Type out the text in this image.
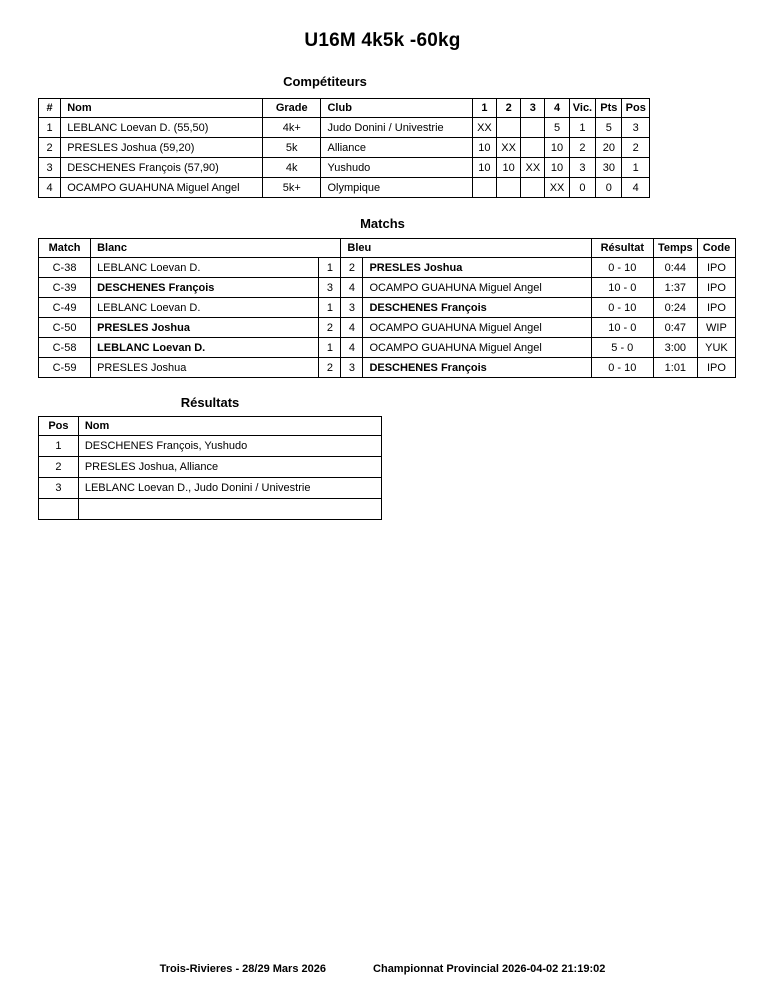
U16M 4k5k -60kg
Compétiteurs
#	Nom	Grade	Club	1	2	3	4	Vic.	Pts	Pos
1	LEBLANC Loevan D. (55,50)	4k+	Judo Donini / Univestrie	XX			5	1	5	3
2	PRESLES Joshua (59,20)	5k	Alliance	10	XX		10	2	20	2
3	DESCHENES François (57,90)	4k	Yushudo	10	10	XX	10	3	30	1
4	OCAMPO GUAHUNA Miguel Angel	5k+	Olympique				XX	0	0	4
Matchs
Match	Blanc		Bleu		Résultat	Temps	Code
C-38	LEBLANC Loevan D.	1	2	PRESLES Joshua	0 - 10	0:44	IPO
C-39	DESCHENES François	3	4	OCAMPO GUAHUNA Miguel Angel	10 - 0	1:37	IPO
C-49	LEBLANC Loevan D.	1	3	DESCHENES François	0 - 10	0:24	IPO
C-50	PRESLES Joshua	2	4	OCAMPO GUAHUNA Miguel Angel	10 - 0	0:47	WIP
C-58	LEBLANC Loevan D.	1	4	OCAMPO GUAHUNA Miguel Angel	5 - 0	3:00	YUK
C-59	PRESLES Joshua	2	3	DESCHENES François	0 - 10	1:01	IPO
Résultats
Pos	Nom
1	DESCHENES François, Yushudo
2	PRESLES Joshua, Alliance
3	LEBLANC Loevan D., Judo Donini / Univestrie

Trois-Rivieres - 28/29 Mars 2026	Championnat Provincial 2026-04-02 21:19:02
